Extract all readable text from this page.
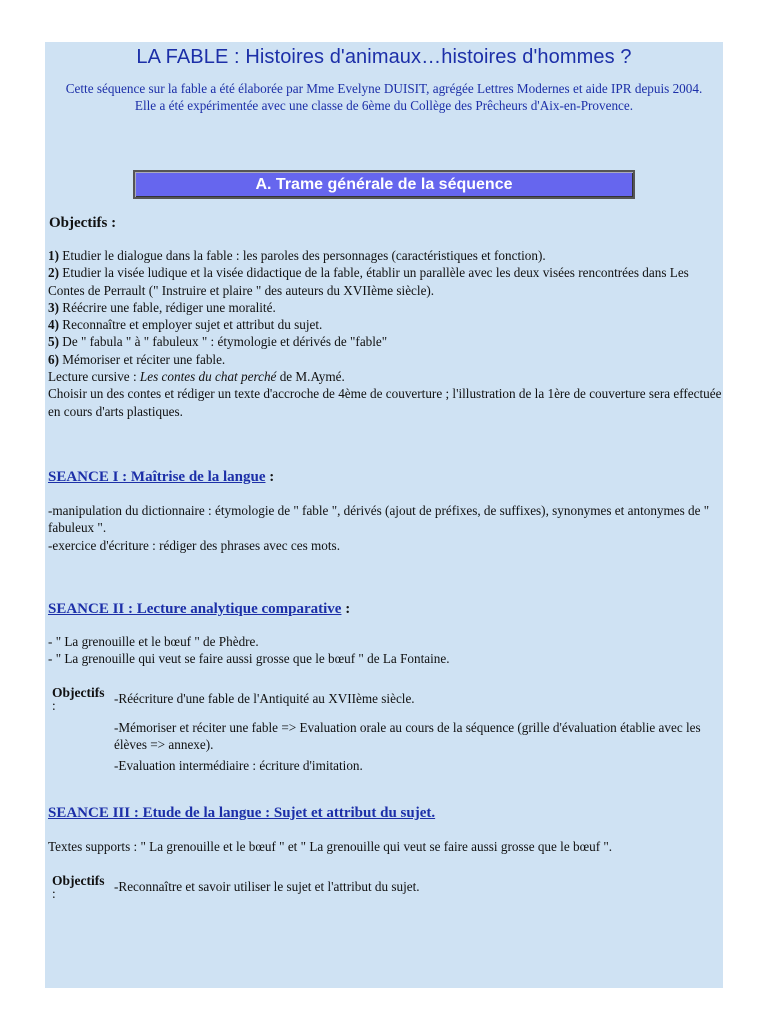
LA FABLE : Histoires d'animaux…histoires d'hommes ?
Cette séquence sur la fable a été élaborée par Mme Evelyne DUISIT, agrégée Lettres Modernes et aide IPR depuis 2004.
Elle a été expérimentée avec une classe de 6ème du Collège des Prêcheurs d'Aix-en-Provence.
A. Trame générale de la séquence
Objectifs :
1) Etudier le dialogue dans la fable : les paroles des personnages (caractéristiques et fonction).
2) Etudier la visée ludique et la visée didactique de la fable, établir un parallèle avec les deux visées rencontrées dans Les Contes de Perrault (" Instruire et plaire " des auteurs du XVIIème siècle).
3) Réécrire une fable, rédiger une moralité.
4) Reconnaître et employer sujet et attribut du sujet.
5) De " fabula " à " fabuleux " : étymologie et dérivés de "fable"
6) Mémoriser et réciter une fable.
Lecture cursive : Les contes du chat perché de M.Aymé.
Choisir un des contes et rédiger un texte d'accroche de 4ème de couverture ; l'illustration de la 1ère de couverture sera effectuée en cours d'arts plastiques.
SEANCE I : Maîtrise de la langue :
-manipulation du dictionnaire : étymologie de " fable ", dérivés (ajout de préfixes, de suffixes), synonymes et antonymes de " fabuleux ".
-exercice d'écriture : rédiger des phrases avec ces mots.
SEANCE II : Lecture analytique comparative :
- " La grenouille et le bœuf " de Phèdre.
- " La grenouille qui veut se faire aussi grosse que le bœuf " de La Fontaine.
Objectifs
:	-Réécriture d'une fable de l'Antiquité au XVIIème siècle.
-Mémoriser et réciter une fable => Evaluation orale au cours de la séquence (grille d'évaluation établie avec les élèves => annexe).
-Evaluation intermédiaire : écriture d'imitation.
SEANCE III : Etude de la langue : Sujet et attribut du sujet.
Textes supports : " La grenouille et le bœuf " et " La grenouille qui veut se faire aussi grosse que le bœuf ".
Objectifs
:	-Reconnaître et savoir utiliser le sujet et l'attribut du sujet.
